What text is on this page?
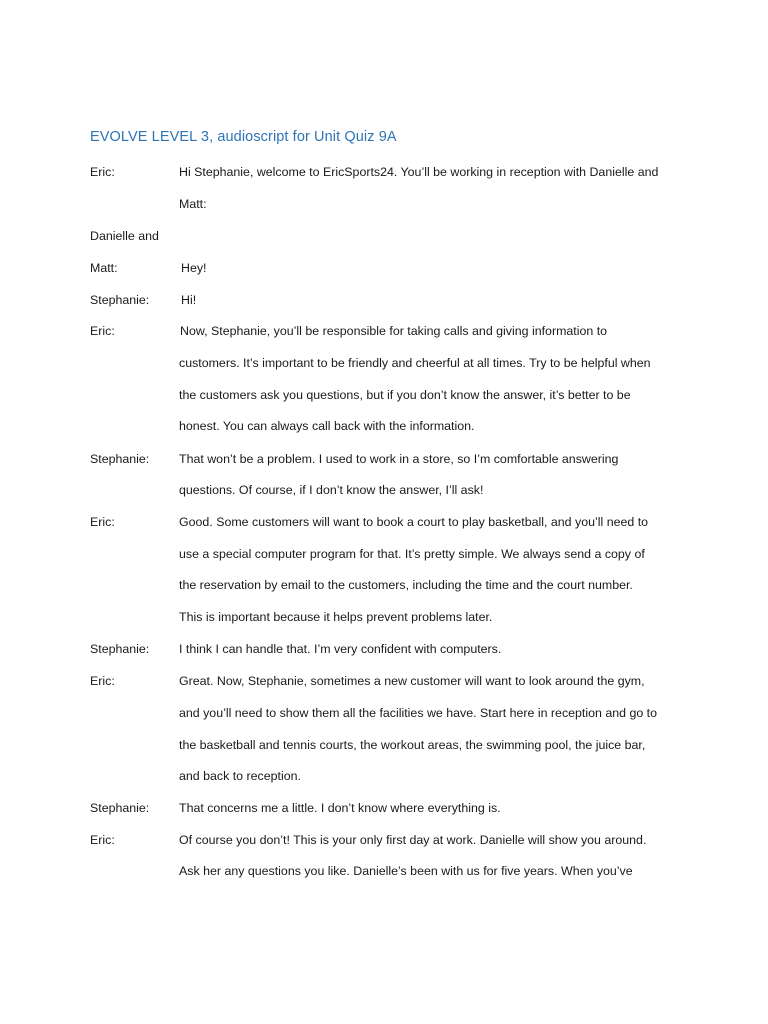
EVOLVE LEVEL 3, audioscript for Unit Quiz 9A
Eric:	Hi Stephanie, welcome to EricSports24. You’ll be working in reception with Danielle and
Matt:
Danielle and
Matt:	Hey!
Stephanie:	Hi!
Eric:	Now, Stephanie, you’ll be responsible for taking calls and giving information to
customers. It’s important to be friendly and cheerful at all times. Try to be helpful when
the customers ask you questions, but if you don’t know the answer, it’s better to be
honest. You can always call back with the information.
Stephanie: That won’t be a problem. I used to work in a store, so I’m comfortable answering
questions. Of course, if I don’t know the answer, I’ll ask!
Eric:	Good. Some customers will want to book a court to play basketball, and you’ll need to
use a special computer program for that. It’s pretty simple. We always send a copy of
the reservation by email to the customers, including the time and the court number.
This is important because it helps prevent problems later.
Stephanie: I think I can handle that. I’m very confident with computers.
Eric:	Great. Now, Stephanie, sometimes a new customer will want to look around the gym,
and you’ll need to show them all the facilities we have. Start here in reception and go to
the basketball and tennis courts, the workout areas, the swimming pool, the juice bar,
and back to reception.
Stephanie: That concerns me a little. I don’t know where everything is.
Eric:	Of course you don’t! This is your only first day at work. Danielle will show you around.
Ask her any questions you like. Danielle’s been with us for five years. When you’ve
